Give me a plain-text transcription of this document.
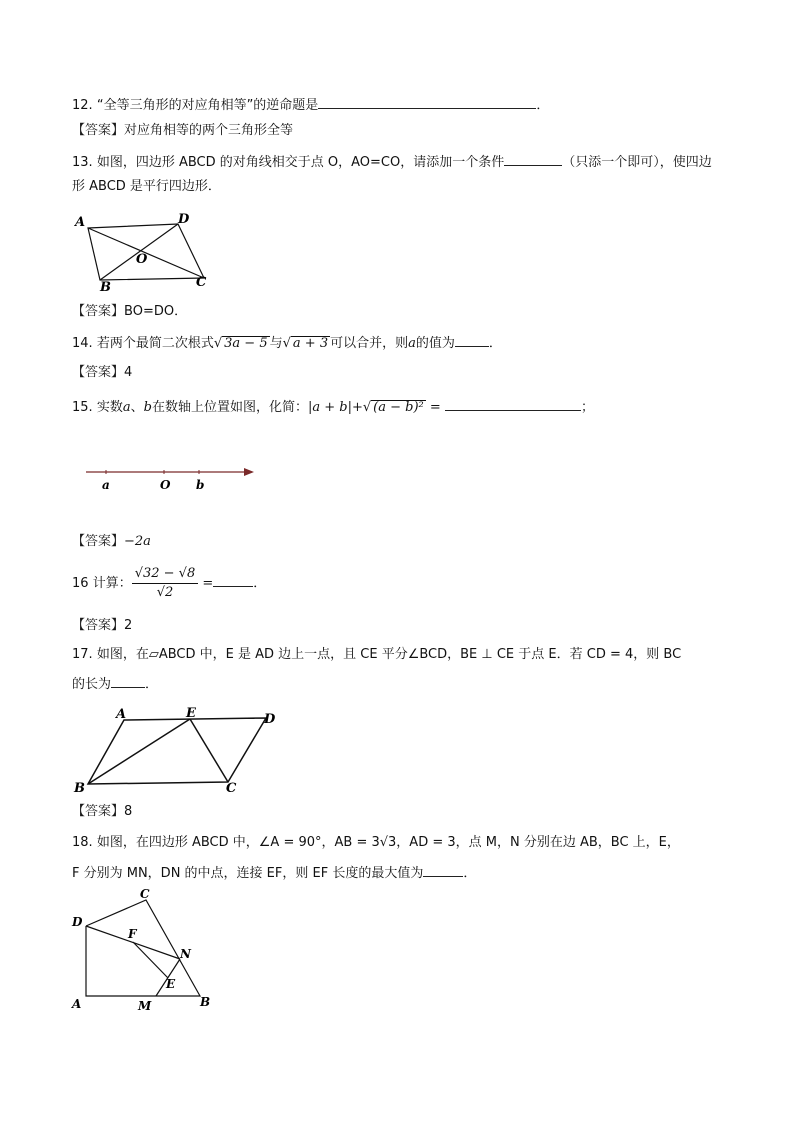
12. “全等三角形的对应角相等”的逆命题是	．
【答案】对应角相等的两个三角形全等
13. 如图，四边形 ABCD 的对角线相交于点 O，AO=CO，请添加一个条件	（只添一个即可），使四边
形 ABCD 是平行四边形．
A	D
O
B	C
【答案】BO=DO．
14. 若两个最简二次根式√ 3a − 5 与√ a + 3 可以合并，则a的值为	．
【答案】4
15. 实数a、b在数轴上位置如图，化简：|a + b|+√ (a − b)² =	；
a	O b
【答案】−2a
16 计算： $\frac{√32 - √8}{√2}$ =	．
【答案】2
17. 如图，在▱ABCD 中，E 是 AD 边上一点，且 CE 平分∠BCD，BE ⊥ CE 于点 E．若 CD = 4，则 BC
的长为	．
A	E	D
B	C
【答案】8
18. 如图，在四边形 ABCD 中，∠A = 90°，AB = 3√3，AD = 3，点 M，N 分别在边 AB，BC 上，E，
F 分别为 MN，DN 的中点，连接 EF，则 EF 长度的最大值为	．
C
D
F
N
E
A	M	B
